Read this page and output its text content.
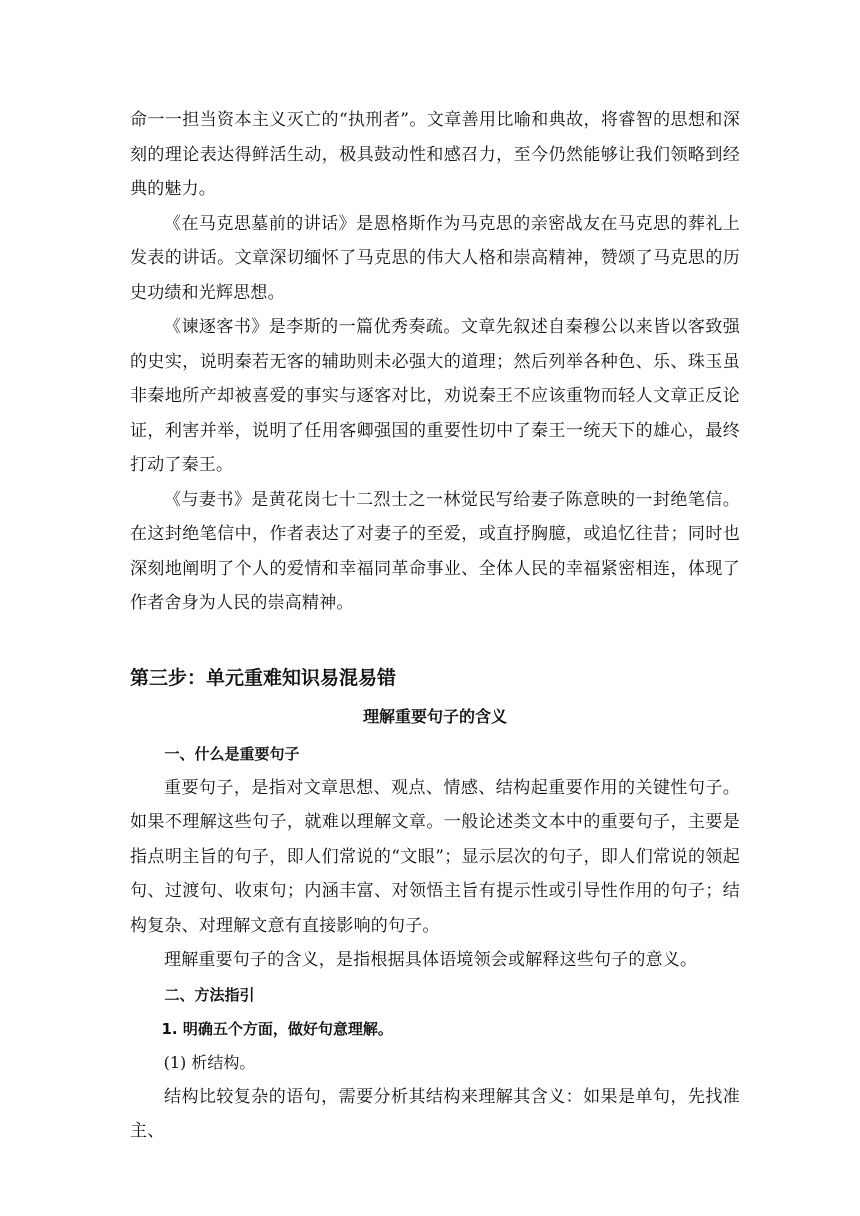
命一一担当资本主义灭亡的“执刑者”。文章善用比喻和典故，将睿智的思想和深刻的理论表达得鲜活生动，极具鼓动性和感召力，至今仍然能够让我们领略到经典的魅力。

《在马克思墓前的讲话》是恩格斯作为马克思的亲密战友在马克思的葬礼上发表的讲话。文章深切缅怀了马克思的伟大人格和崇高精神，赞颂了马克思的历史功绩和光辉思想。

《谏逐客书》是李斯的一篇优秀奏疏。文章先叙述自秦穆公以来皆以客致强的史实，说明秦若无客的辅助则未必强大的道理；然后列举各种色、乐、珠玉虽非秦地所产却被喜爱的事实与逐客对比，劝说秦王不应该重物而轻人文章正反论证，利害并举，说明了任用客卿强国的重要性切中了秦王一统天下的雄心，最终打动了秦王。

《与妻书》是黄花岗七十二烈士之一林觉民写给妻子陈意映的一封绝笔信。在这封绝笔信中，作者表达了对妻子的至爱，或直抒胸臆，或追忆往昔；同时也深刻地阐明了个人的爱情和幸福同革命事业、全体人民的幸福紧密相连，体现了作者舍身为人民的崇高精神。

第三步：单元重难知识易混易错
理解重要句子的含义
一、什么是重要句子

重要句子，是指对文章思想、观点、情感、结构起重要作用的关键性句子。如果不理解这些句子，就难以理解文章。一般论述类文本中的重要句子，主要是指点明主旨的句子，即人们常说的“文眼”；显示层次的句子，即人们常说的领起句、过渡句、收束句；内涵丰富、对领悟主旨有提示性或引导性作用的句子；结构复杂、对理解文意有直接影响的句子。

理解重要句子的含义，是指根据具体语境领会或解释这些句子的意义。

二、方法指引

1. 明确五个方面，做好句意理解。

(1) 析结构。

结构比较复杂的语句，需要分析其结构来理解其含义：如果是单句，先找准主、
